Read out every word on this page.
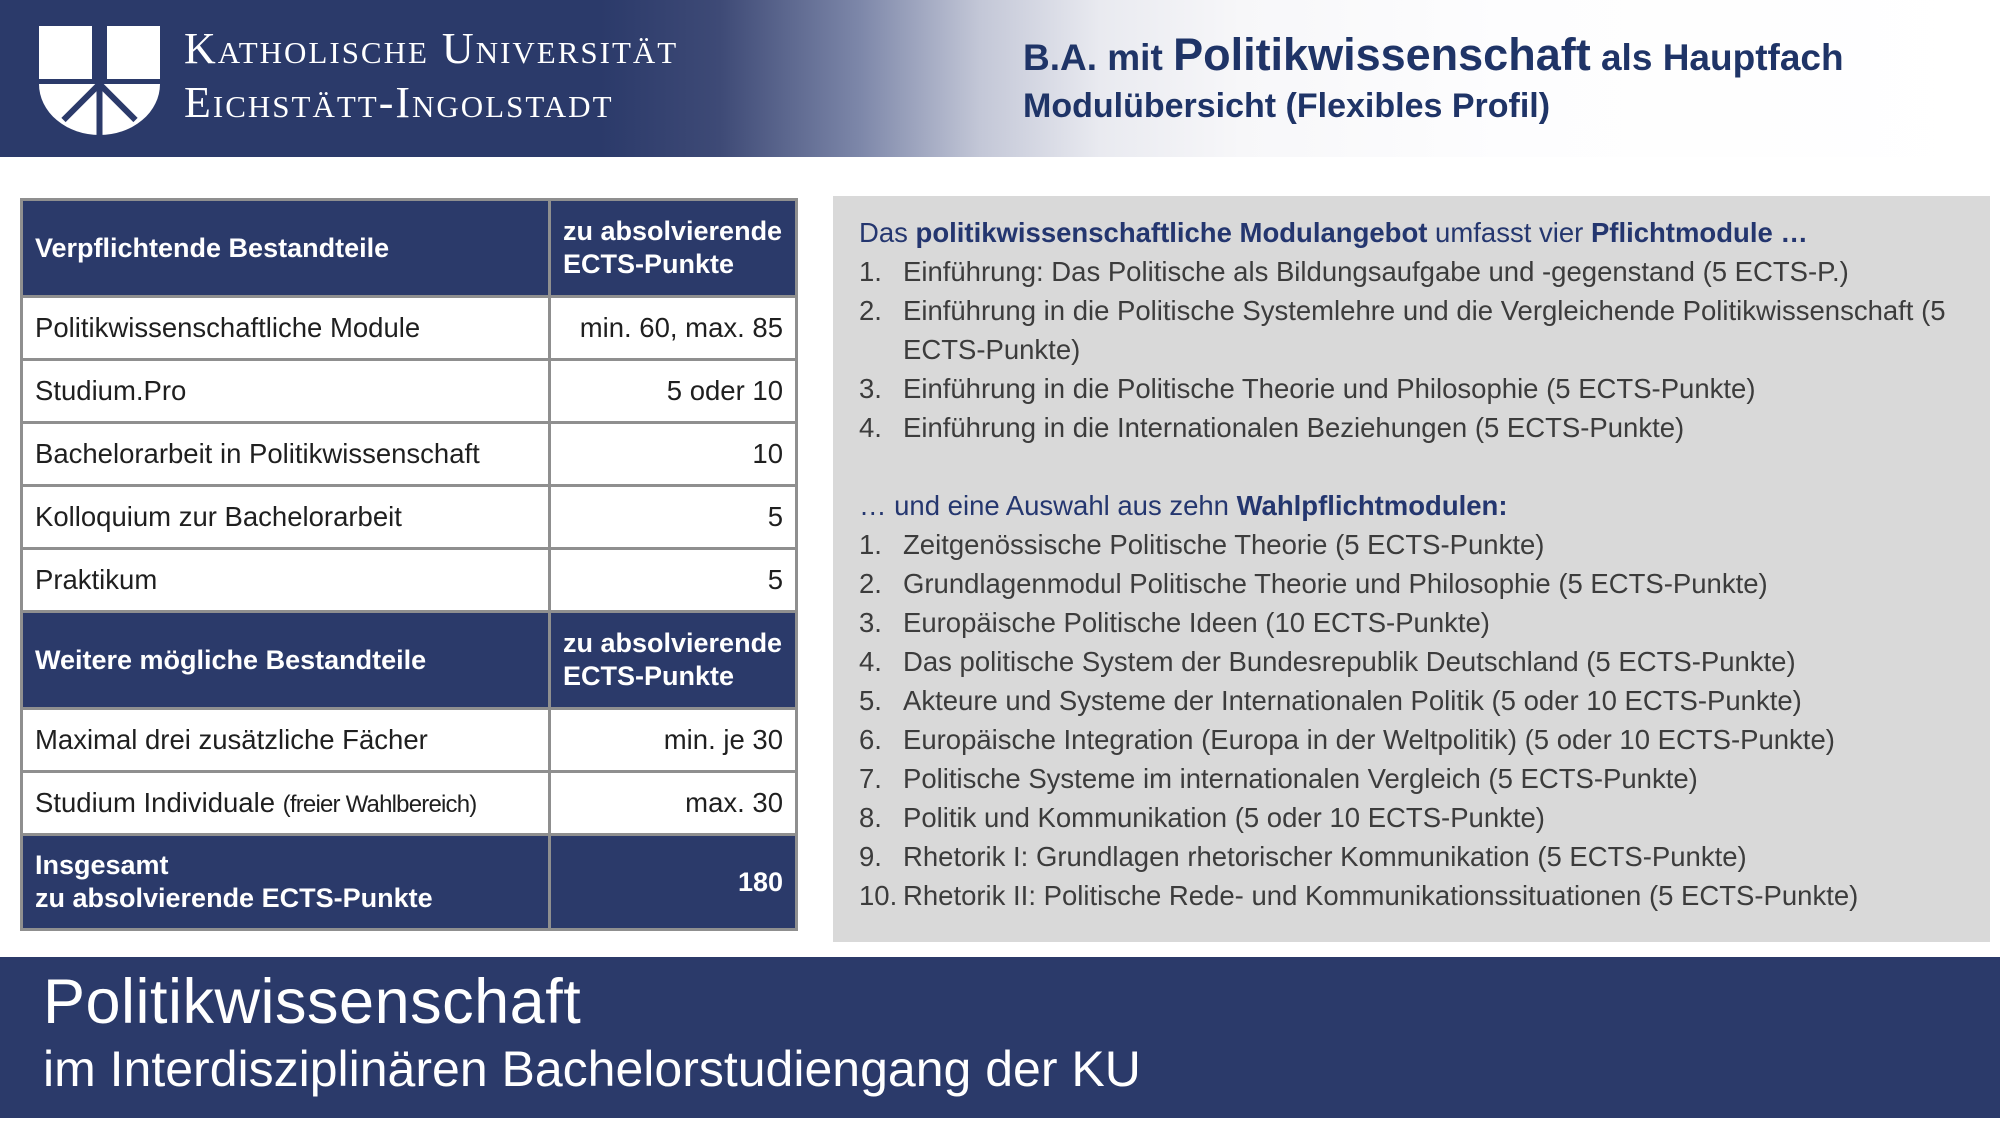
Katholische Universität
Eichstätt-Ingolstadt
B.A. mit Politikwissenschaft als Hauptfach
Modulübersicht (Flexibles Profil)
Verpflichtende Bestandteile	zu absolvierende ECTS-Punkte
Politikwissenschaftliche Module	min. 60, max. 85
Studium.Pro	5 oder 10
Bachelorarbeit in Politikwissenschaft	10
Kolloquium zur Bachelorarbeit	5
Praktikum	5
Weitere mögliche Bestandteile	zu absolvierende ECTS-Punkte
Maximal drei zusätzliche Fächer	min. je 30
Studium Individuale (freier Wahlbereich)	max. 30

Insgesamt
zu absolvierende ECTS-Punkte	180

Das politikwissenschaftliche Modulangebot umfasst vier Pflichtmodule …

1. Einführung: Das Politische als Bildungsaufgabe und -gegenstand (5 ECTS-P.)
2. Einführung in die Politische Systemlehre und die Vergleichende Politikwissenschaft (5 ECTS-Punkte)
3. Einführung in die Politische Theorie und Philosophie (5 ECTS-Punkte)
4. Einführung in die Internationalen Beziehungen (5 ECTS-Punkte)

… und eine Auswahl aus zehn Wahlpflichtmodulen:

1. Zeitgenössische Politische Theorie (5 ECTS-Punkte)
2. Grundlagenmodul Politische Theorie und Philosophie (5 ECTS-Punkte)
3. Europäische Politische Ideen (10 ECTS-Punkte)
4. Das politische System der Bundesrepublik Deutschland (5 ECTS-Punkte)
5. Akteure und Systeme der Internationalen Politik (5 oder 10 ECTS-Punkte)
6. Europäische Integration (Europa in der Weltpolitik) (5 oder 10 ECTS-Punkte)
7. Politische Systeme im internationalen Vergleich (5 ECTS-Punkte)
8. Politik und Kommunikation (5 oder 10 ECTS-Punkte)
9. Rhetorik I: Grundlagen rhetorischer Kommunikation (5 ECTS-Punkte)
10. Rhetorik II: Politische Rede- und Kommunikationssituationen (5 ECTS-Punkte)
Politikwissenschaft
im Interdisziplinären Bachelorstudiengang der KU
